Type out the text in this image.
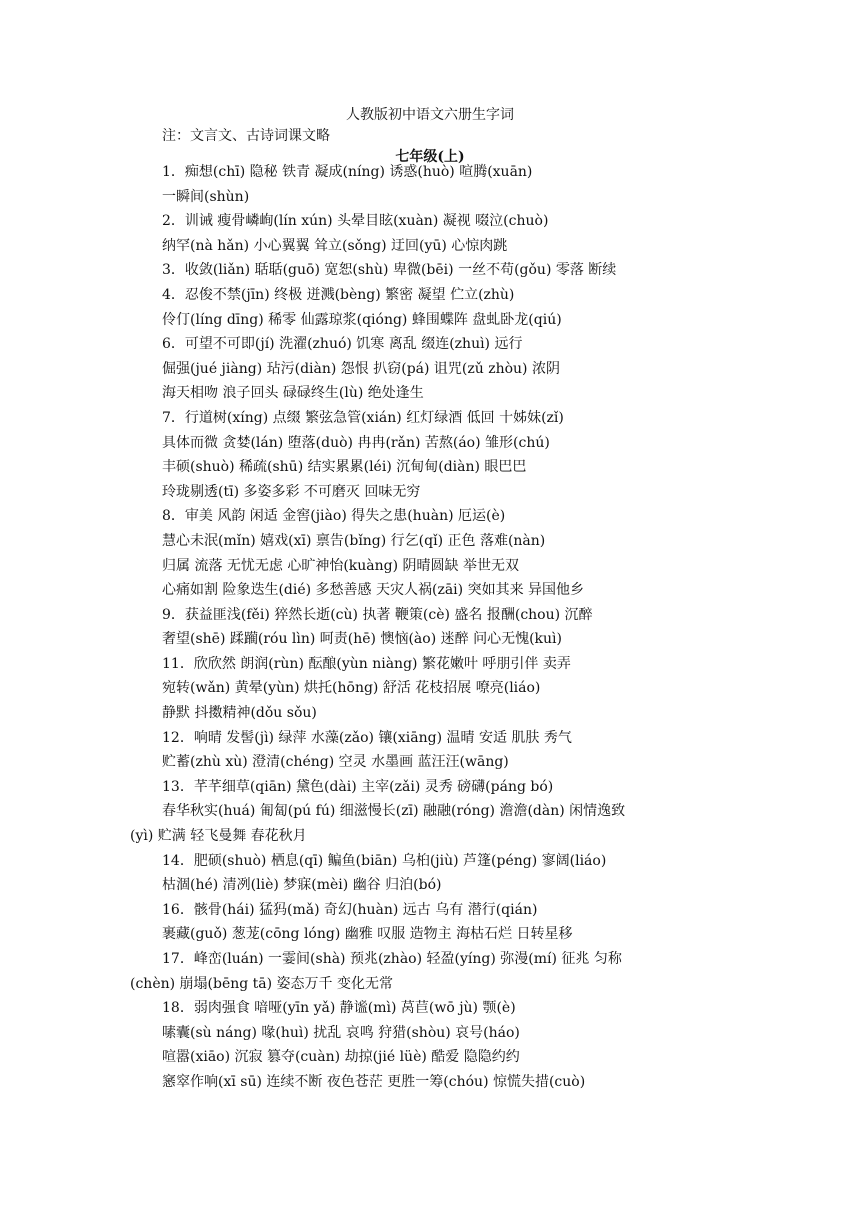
人教版初中语文六册生字词
注：文言文、古诗词课文略
七年级(上)
1．痴想(chī) 隐秘 铁青 凝成(níng) 诱惑(huò) 喧腾(xuān)
一瞬间(shùn)
2．训诫 瘦骨嶙峋(lín xún) 头晕目眩(xuàn) 凝视 啜泣(chuò)
纳罕(nà hǎn) 小心翼翼 耸立(sǒng) 迂回(yū) 心惊肉跳
3．收敛(liǎn) 聒聒(guō) 宽恕(shù) 卑微(bēi) 一丝不苟(gǒu) 零落 断续
4．忍俊不禁(jīn) 终极 迸溅(bèng) 繁密 凝望 伫立(zhù)
伶仃(líng dīng) 稀零 仙露琼浆(qióng) 蜂围蝶阵 盘虬卧龙(qiú)
6．可望不可即(jí) 洗濯(zhuó) 饥寒 离乱 缀连(zhuì) 远行
倔强(jué jiàng) 玷污(diàn) 怨恨 扒窃(pá) 诅咒(zǔ zhòu) 浓阴
海天相吻 浪子回头 碌碌终生(lù) 绝处逢生
7．行道树(xíng) 点缀 繁弦急管(xián) 红灯绿酒 低回 十姊妹(zǐ)
具体而微 贪婪(lán) 堕落(duò) 冉冉(rǎn) 苦熬(áo) 雏形(chú)
丰硕(shuò) 稀疏(shū) 结实累累(léi) 沉甸甸(diàn) 眼巴巴
玲珑剔透(tī) 多姿多彩 不可磨灭 回味无穷
8．审美 风韵 闲适 金窖(jiào) 得失之患(huàn) 厄运(è)
慧心未泯(mǐn) 嬉戏(xī) 禀告(bǐng) 行乞(qǐ) 正色 落难(nàn)
归属 流落 无忧无虑 心旷神怡(kuàng) 阴晴圆缺 举世无双
心痛如割 险象迭生(dié) 多愁善感 天灾人祸(zāi) 突如其来 异国他乡
9．获益匪浅(fěi) 猝然长逝(cù) 执著 鞭策(cè) 盛名 报酬(chou) 沉醉
奢望(shē) 蹂躏(róu lìn) 呵责(hē) 懊恼(ào) 迷醉 问心无愧(kuì)
11．欣欣然 朗润(rùn) 酝酿(yùn niàng) 繁花嫩叶 呼朋引伴 卖弄
宛转(wǎn) 黄晕(yùn) 烘托(hōng) 舒活 花枝招展 嘹亮(liáo)
静默 抖擞精神(dǒu sǒu)
12．响晴 发髻(jì) 绿萍 水藻(zǎo) 镶(xiāng) 温晴 安适 肌肤 秀气
贮蓄(zhù xù) 澄清(chéng) 空灵 水墨画 蓝汪汪(wāng)
13．芊芊细草(qiān) 黛色(dài) 主宰(zǎi) 灵秀 磅礴(páng bó)
春华秋实(huá) 匍匐(pú fú) 细滋慢长(zī) 融融(róng) 澹澹(dàn) 闲情逸致
(yì) 贮满 轻飞曼舞 春花秋月
14．肥硕(shuò) 栖息(qī) 鳊鱼(biān) 乌桕(jiù) 芦篷(péng) 寥阔(liáo)
枯涸(hé) 清冽(liè) 梦寐(mèi) 幽谷 归泊(bó)
16．骸骨(hái) 猛犸(mǎ) 奇幻(huàn) 远古 乌有 潜行(qián)
裹藏(guǒ) 葱茏(cōng lóng) 幽雅 叹服 造物主 海枯石烂 日转星移
17．峰峦(luán) 一霎间(shà) 预兆(zhào) 轻盈(yíng) 弥漫(mí) 征兆 匀称
(chèn) 崩塌(bēng tā) 姿态万千 变化无常
18．弱肉强食 喑哑(yīn yǎ) 静谧(mì) 莴苣(wō jù) 颚(è)
嗉囊(sù náng) 喙(huì) 扰乱 哀鸣 狩猎(shòu) 哀号(háo)
喧嚣(xiāo) 沉寂 篡夺(cuàn) 劫掠(jié lüè) 酷爱 隐隐约约
窸窣作响(xī sū) 连续不断 夜色苍茫 更胜一筹(chóu) 惊慌失措(cuò)
